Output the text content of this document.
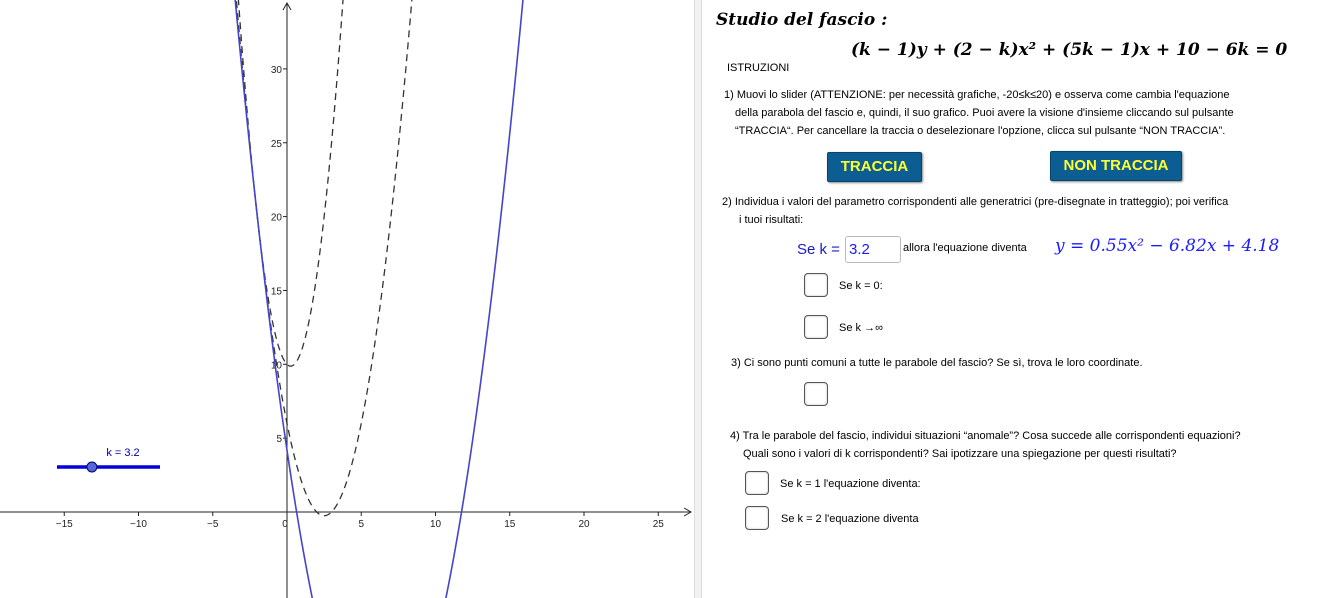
−15	−10	−5	0	5	10	15	20	25
5
10
15
20
25
30
k = 3.2
Studio del fascio :
(k − 1)y + (2 − k)x² + (5k − 1)x + 10 − 6k = 0
ISTRUZIONI
1) Muovi lo slider (ATTENZIONE: per necessità grafiche, -20≤k≤20) e osserva come cambia l'equazione
della parabola del fascio e, quindi, il suo grafico. Puoi avere la visione d'insieme cliccando sul pulsante
“TRACCIA“. Per cancellare la traccia o deselezionare l'opzione, clicca sul pulsante “NON TRACCIA”.
TRACCIA	NON TRACCIA
2) Individua i valori del parametro corrispondenti alle generatrici (pre-disegnate in tratteggio); poi verifica
i tuoi risultati:
Se k =
3.2	allora l'equazione diventa y = 0.55x² − 6.82x + 4.18
Se k = 0:
Se k →∞
3) Ci sono punti comuni a tutte le parabole del fascio? Se sì, trova le loro coordinate.
4) Tra le parabole del fascio, individui situazioni “anomale”? Cosa succede alle corrispondenti equazioni?
Quali sono i valori di k corrispondenti? Sai ipotizzare una spiegazione per questi risultati?
Se k = 1 l'equazione diventa:
Se k = 2 l'equazione diventa
